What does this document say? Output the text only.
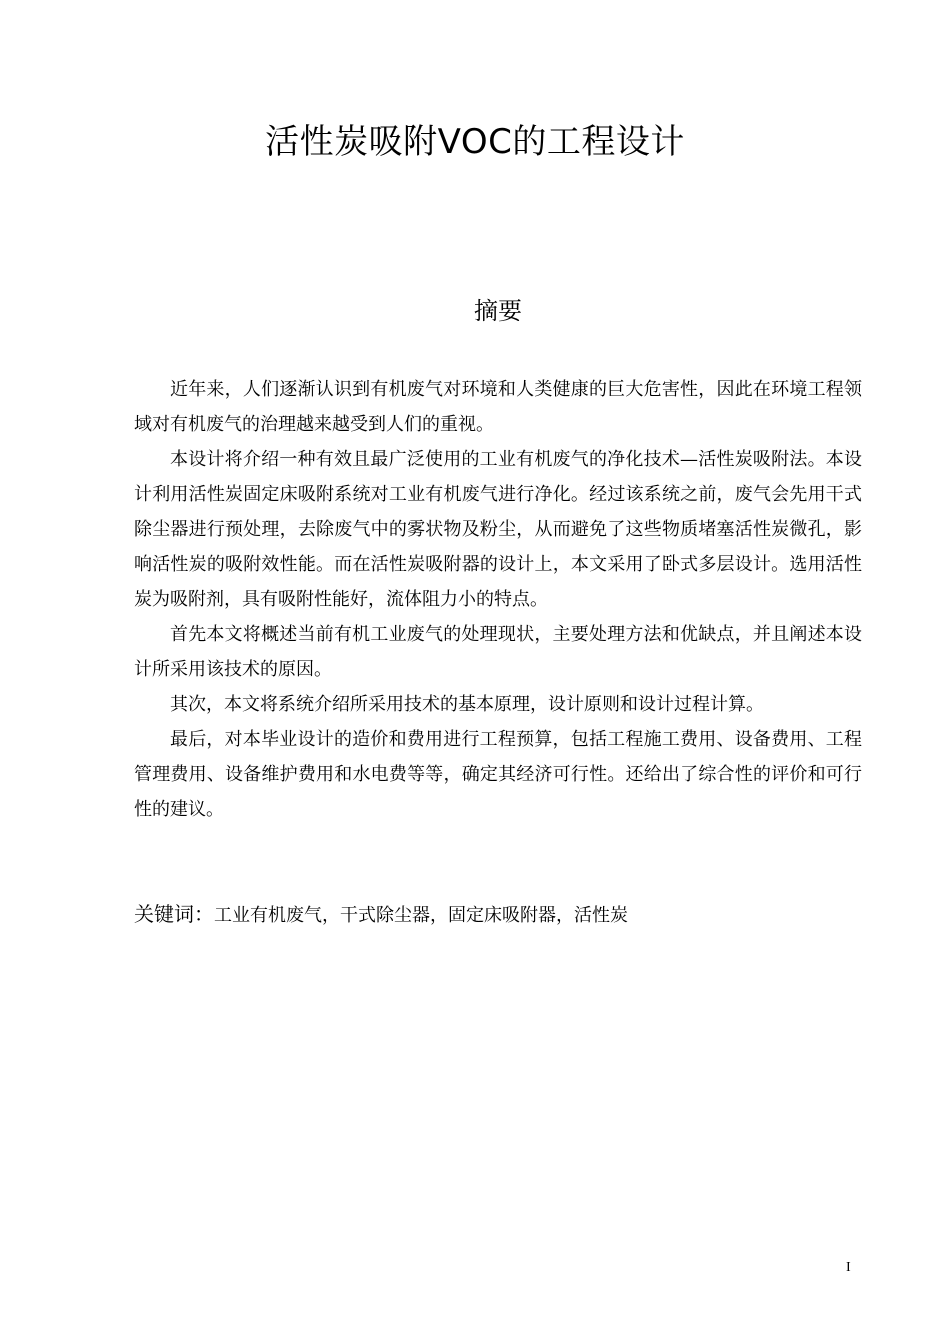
活性炭吸附VOC的工程设计
摘要

近年来，人们逐渐认识到有机废气对环境和人类健康的巨大危害性，因此在环境工程领域对有机废气的治理越来越受到人们的重视。

本设计将介绍一种有效且最广泛使用的工业有机废气的净化技术—活性炭吸附法。本设计利用活性炭固定床吸附系统对工业有机废气进行净化。经过该系统之前，废气会先用干式除尘器进行预处理，去除废气中的雾状物及粉尘，从而避免了这些物质堵塞活性炭微孔，影响活性炭的吸附效性能。而在活性炭吸附器的设计上，本文采用了卧式多层设计。选用活性炭为吸附剂，具有吸附性能好，流体阻力小的特点。

首先本文将概述当前有机工业废气的处理现状，主要处理方法和优缺点，并且阐述本设计所采用该技术的原因。

其次，本文将系统介绍所采用技术的基本原理，设计原则和设计过程计算。

最后，对本毕业设计的造价和费用进行工程预算，包括工程施工费用、设备费用、工程管理费用、设备维护费用和水电费等等，确定其经济可行性。还给出了综合性的评价和可行性的建议。

关键词：工业有机废气，干式除尘器，固定床吸附器，活性炭
I
